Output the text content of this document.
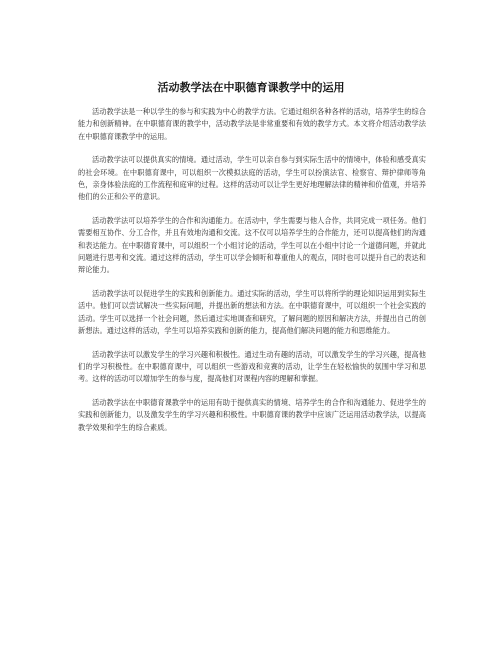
活动教学法在中职德育课教学中的运用

活动教学法是一种以学生的参与和实践为中心的教学方法。它通过组织各种各样的活动，培养学生的综合能力和创新精神。在中职德育课的教学中，活动教学法是非常重要和有效的教学方式。本文将介绍活动教学法在中职德育课教学中的运用。

活动教学法可以提供真实的情境。通过活动，学生可以亲自参与到实际生活中的情境中，体验和感受真实的社会环境。在中职德育课中，可以组织一次模拟法庭的活动，学生可以扮演法官、检察官、辩护律师等角色，亲身体验法庭的工作流程和庭审的过程。这样的活动可以让学生更好地理解法律的精神和价值观，并培养他们的公正和公平的意识。

活动教学法可以培养学生的合作和沟通能力。在活动中，学生需要与他人合作，共同完成一项任务。他们需要相互协作、分工合作，并且有效地沟通和交流。这不仅可以培养学生的合作能力，还可以提高他们的沟通和表达能力。在中职德育课中，可以组织一个小组讨论的活动，学生可以在小组中讨论一个道德问题，并就此问题进行思考和交流。通过这样的活动，学生可以学会倾听和尊重他人的观点，同时也可以提升自己的表达和辩论能力。

活动教学法可以促进学生的实践和创新能力。通过实际的活动，学生可以将所学的理论知识运用到实际生活中。他们可以尝试解决一些实际问题，并提出新的想法和方法。在中职德育课中，可以组织一个社会实践的活动。学生可以选择一个社会问题，然后通过实地调查和研究，了解问题的原因和解决方法，并提出自己的创新想法。通过这样的活动，学生可以培养实践和创新的能力，提高他们解决问题的能力和思维能力。

活动教学法可以激发学生的学习兴趣和积极性。通过生动有趣的活动，可以激发学生的学习兴趣，提高他们的学习积极性。在中职德育课中，可以组织一些游戏和竞赛的活动，让学生在轻松愉快的氛围中学习和思考。这样的活动可以增加学生的参与度，提高他们对课程内容的理解和掌握。

活动教学法在中职德育课教学中的运用有助于提供真实的情境、培养学生的合作和沟通能力、促进学生的实践和创新能力，以及激发学生的学习兴趣和积极性。中职德育课的教学中应该广泛运用活动教学法，以提高教学效果和学生的综合素质。
